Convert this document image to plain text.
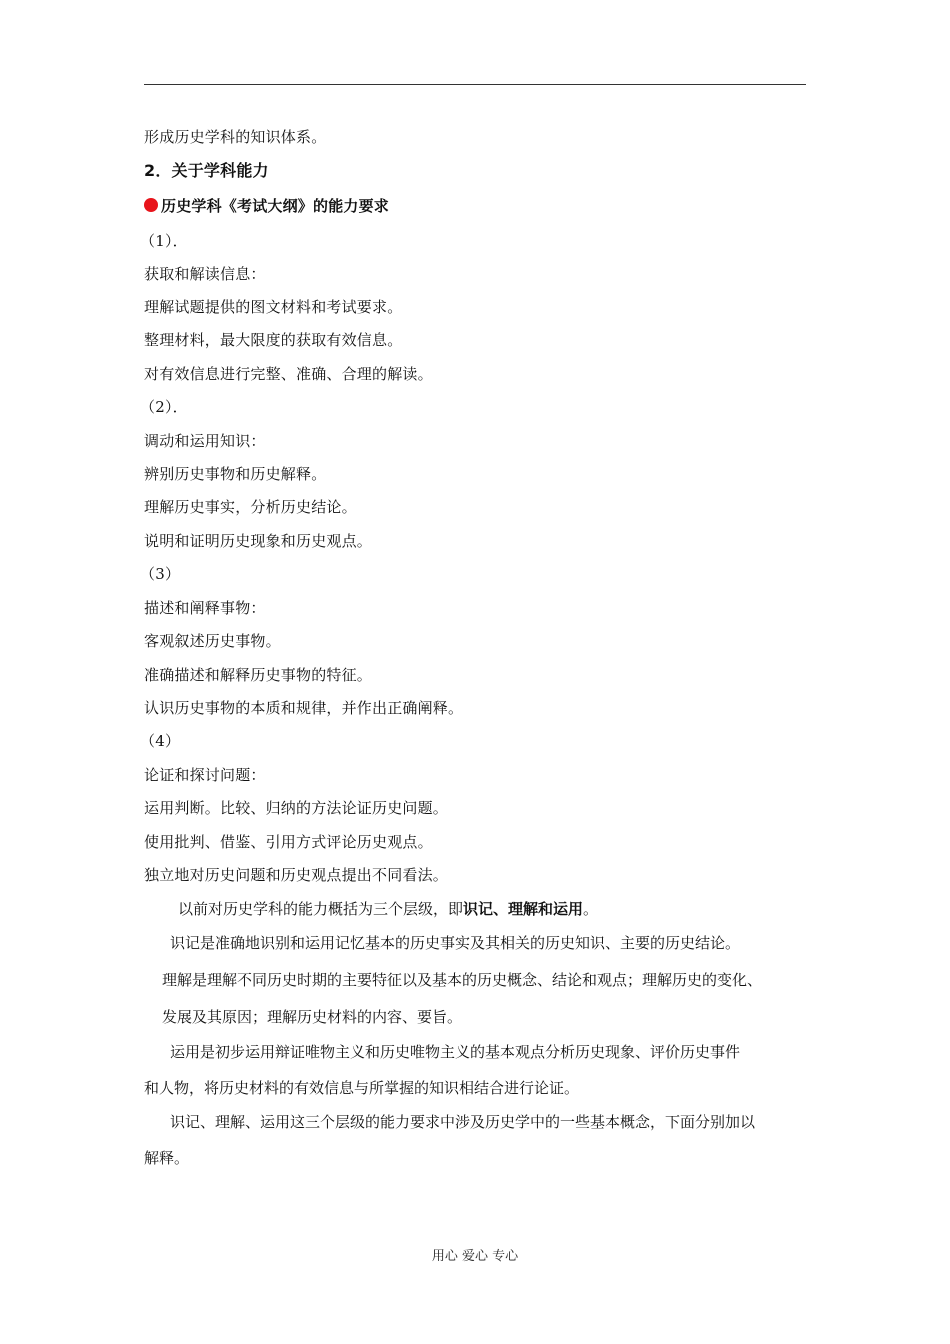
形成历史学科的知识体系。
2．关于学科能力
历史学科《考试大纲》的能力要求
（1）．
获取和解读信息：
理解试题提供的图文材料和考试要求。
整理材料，最大限度的获取有效信息。
对有效信息进行完整、准确、合理的解读。
（2）．
调动和运用知识：
辨别历史事物和历史解释。
理解历史事实，分析历史结论。
说明和证明历史现象和历史观点。
（3）
描述和阐释事物：
客观叙述历史事物。
准确描述和解释历史事物的特征。
认识历史事物的本质和规律，并作出正确阐释。
（4）
论证和探讨问题：
运用判断。比较、归纳的方法论证历史问题。
使用批判、借鉴、引用方式评论历史观点。
独立地对历史问题和历史观点提出不同看法。
以前对历史学科的能力概括为三个层级，即识记、理解和运用。
识记是准确地识别和运用记忆基本的历史事实及其相关的历史知识、主要的历史结论。
理解是理解不同历史时期的主要特征以及基本的历史概念、结论和观点；理解历史的变化、
发展及其原因；理解历史材料的内容、要旨。
运用是初步运用辩证唯物主义和历史唯物主义的基本观点分析历史现象、评价历史事件
和人物，将历史材料的有效信息与所掌握的知识相结合进行论证。
识记、理解、运用这三个层级的能力要求中涉及历史学中的一些基本概念，下面分别加以
解释。
用心 爱心 专心
